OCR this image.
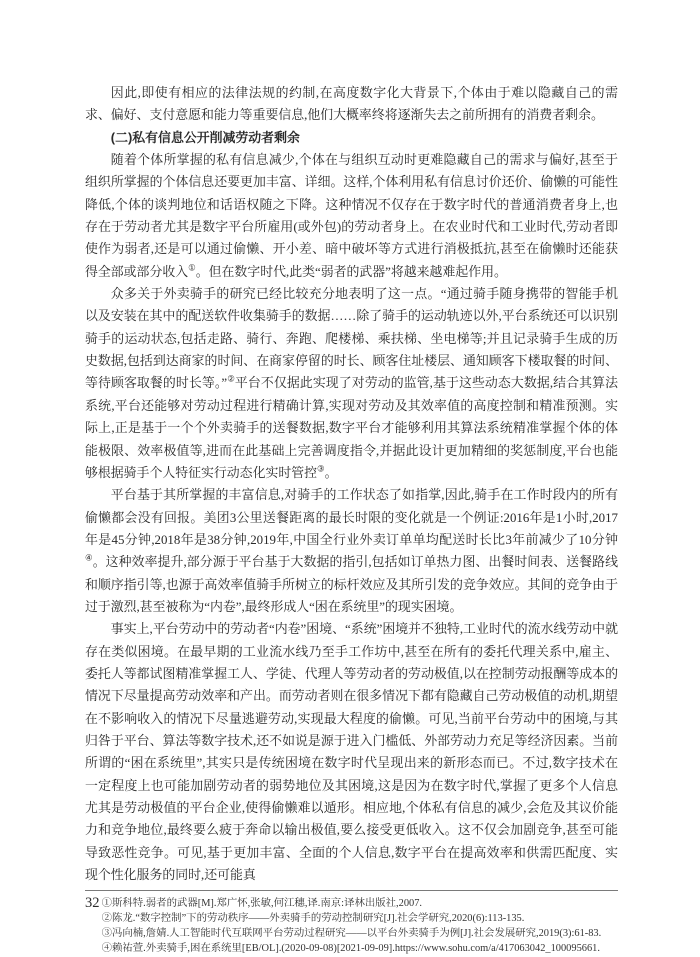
因此,即使有相应的法律法规的约制,在高度数字化大背景下,个体由于难以隐藏自己的需求、偏好、支付意愿和能力等重要信息,他们大概率终将逐渐失去之前所拥有的消费者剩余。

(二)私有信息公开削减劳动者剩余

随着个体所掌握的私有信息减少,个体在与组织互动时更难隐藏自己的需求与偏好,甚至于组织所掌握的个体信息还要更加丰富、详细。这样,个体利用私有信息讨价还价、偷懒的可能性降低,个体的谈判地位和话语权随之下降。这种情况不仅存在于数字时代的普通消费者身上,也存在于劳动者尤其是数字平台所雇用(或外包)的劳动者身上。在农业时代和工业时代,劳动者即使作为弱者,还是可以通过偷懒、开小差、暗中破坏等方式进行消极抵抗,甚至在偷懒时还能获得全部或部分收入①。但在数字时代,此类“弱者的武器”将越来越难起作用。

众多关于外卖骑手的研究已经比较充分地表明了这一点。“通过骑手随身携带的智能手机以及安装在其中的配送软件收集骑手的数据……除了骑手的运动轨迹以外,平台系统还可以识别骑手的运动状态,包括走路、骑行、奔跑、爬楼梯、乘扶梯、坐电梯等;并且记录骑手生成的历史数据,包括到达商家的时间、在商家停留的时长、顾客住址楼层、通知顾客下楼取餐的时间、等待顾客取餐的时长等。”②平台不仅据此实现了对劳动的监管,基于这些动态大数据,结合其算法系统,平台还能够对劳动过程进行精确计算,实现对劳动及其效率值的高度控制和精准预测。实际上,正是基于一个个外卖骑手的送餐数据,数字平台才能够利用其算法系统精准掌握个体的体能极限、效率极值等,进而在此基础上完善调度指令,并据此设计更加精细的奖惩制度,平台也能够根据骑手个人特征实行动态化实时管控③。

平台基于其所掌握的丰富信息,对骑手的工作状态了如指掌,因此,骑手在工作时段内的所有偷懒都会没有回报。美团3公里送餐距离的最长时限的变化就是一个例证:2016年是1小时,2017年是45分钟,2018年是38分钟,2019年,中国全行业外卖订单单均配送时长比3年前减少了10分钟④。这种效率提升,部分源于平台基于大数据的指引,包括如订单热力图、出餐时间表、送餐路线和顺序指引等,也源于高效率值骑手所树立的标杆效应及其所引发的竞争效应。其间的竞争由于过于激烈,甚至被称为“内卷”,最终形成人“困在系统里”的现实困境。

事实上,平台劳动中的劳动者“内卷”困境、“系统”困境并不独特,工业时代的流水线劳动中就存在类似困境。在最早期的工业流水线乃至手工作坊中,甚至在所有的委托代理关系中,雇主、委托人等都试图精准掌握工人、学徒、代理人等劳动者的劳动极值,以在控制劳动报酬等成本的情况下尽量提高劳动效率和产出。而劳动者则在很多情况下都有隐藏自己劳动极值的动机,期望在不影响收入的情况下尽量逃避劳动,实现最大程度的偷懒。可见,当前平台劳动中的困境,与其归咎于平台、算法等数字技术,还不如说是源于进入门槛低、外部劳动力充足等经济因素。当前所谓的“困在系统里”,其实只是传统困境在数字时代呈现出来的新形态而已。不过,数字技术在一定程度上也可能加剧劳动者的弱势地位及其困境,这是因为在数字时代,掌握了更多个人信息尤其是劳动极值的平台企业,使得偷懒难以遁形。相应地,个体私有信息的减少,会危及其议价能力和竞争地位,最终要么疲于奔命以输出极值,要么接受更低收入。这不仅会加剧竞争,甚至可能导致恶性竞争。可见,基于更加丰富、全面的个人信息,数字平台在提高效率和供需匹配度、实现个性化服务的同时,还可能真

①斯科特.弱者的武器[M].郑广怀,张敏,何江穗,译.南京:译林出版社,2007.

②陈龙.“数字控制”下的劳动秩序——外卖骑手的劳动控制研究[J].社会学研究,2020(6):113-135.

③冯向楠,詹婧.人工智能时代互联网平台劳动过程研究——以平台外卖骑手为例[J].社会发展研究,2019(3):61-83.

④赖祐萱.外卖骑手,困在系统里[EB/OL].(2020-09-08)[2021-09-09].https://www.sohu.com/a/417063042_100095661.

32
